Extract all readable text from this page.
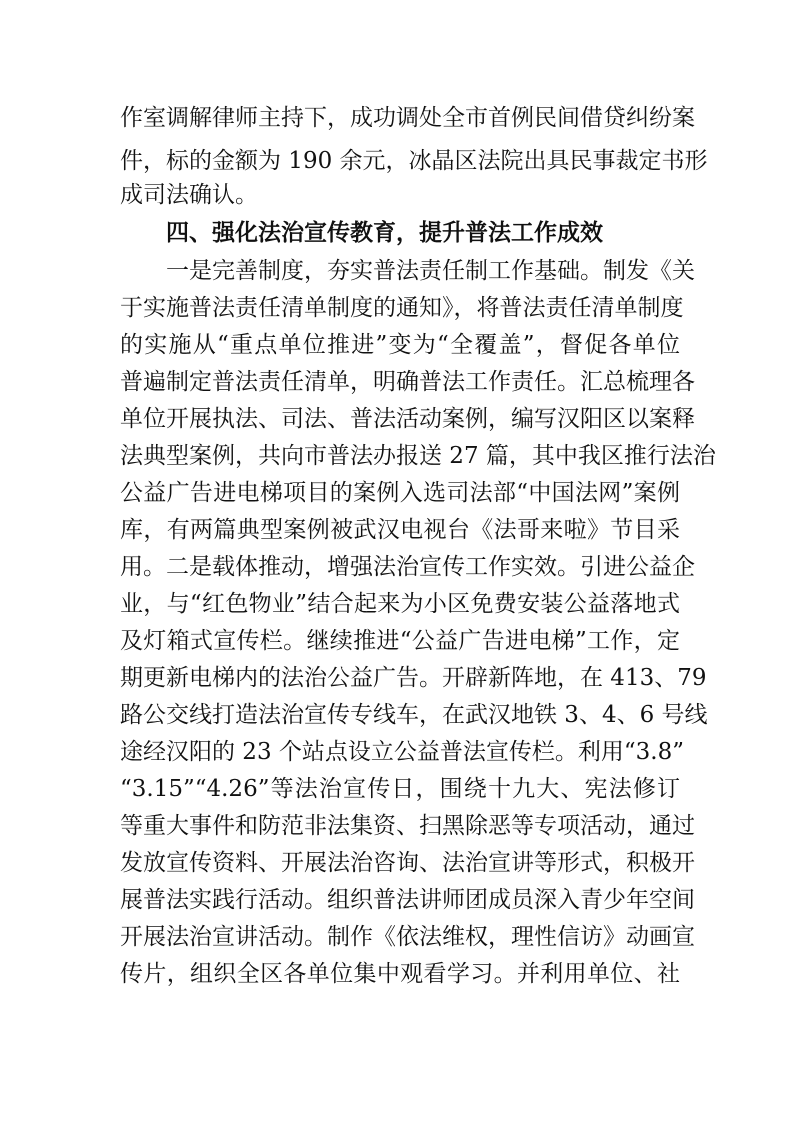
作室调解律师主持下，成功调处全市首例民间借贷纠纷案
件，标的金额为 190 余元，冰晶区法院出具民事裁定书形
成司法确认。
四、强化法治宣传教育，提升普法工作成效
一是完善制度，夯实普法责任制工作基础。制发《关
于实施普法责任清单制度的通知》，将普法责任清单制度
的实施从“重点单位推进”变为“全覆盖”，督促各单位
普遍制定普法责任清单，明确普法工作责任。汇总梳理各
单位开展执法、司法、普法活动案例，编写汉阳区以案释
法典型案例，共向市普法办报送 27 篇，其中我区推行法治
公益广告进电梯项目的案例入选司法部“中国法网”案例
库，有两篇典型案例被武汉电视台《法哥来啦》节目采
用。二是载体推动，增强法治宣传工作实效。引进公益企
业，与“红色物业”结合起来为小区免费安装公益落地式
及灯箱式宣传栏。继续推进“公益广告进电梯”工作，定
期更新电梯内的法治公益广告。开辟新阵地，在 413、79
路公交线打造法治宣传专线车，在武汉地铁 3、4、6 号线
途经汉阳的 23 个站点设立公益普法宣传栏。利用“3.8”
“3.15”“4.26”等法治宣传日，围绕十九大、宪法修订
等重大事件和防范非法集资、扫黑除恶等专项活动，通过
发放宣传资料、开展法治咨询、法治宣讲等形式，积极开
展普法实践行活动。组织普法讲师团成员深入青少年空间
开展法治宣讲活动。制作《依法维权，理性信访》动画宣
传片，组织全区各单位集中观看学习。并利用单位、社
